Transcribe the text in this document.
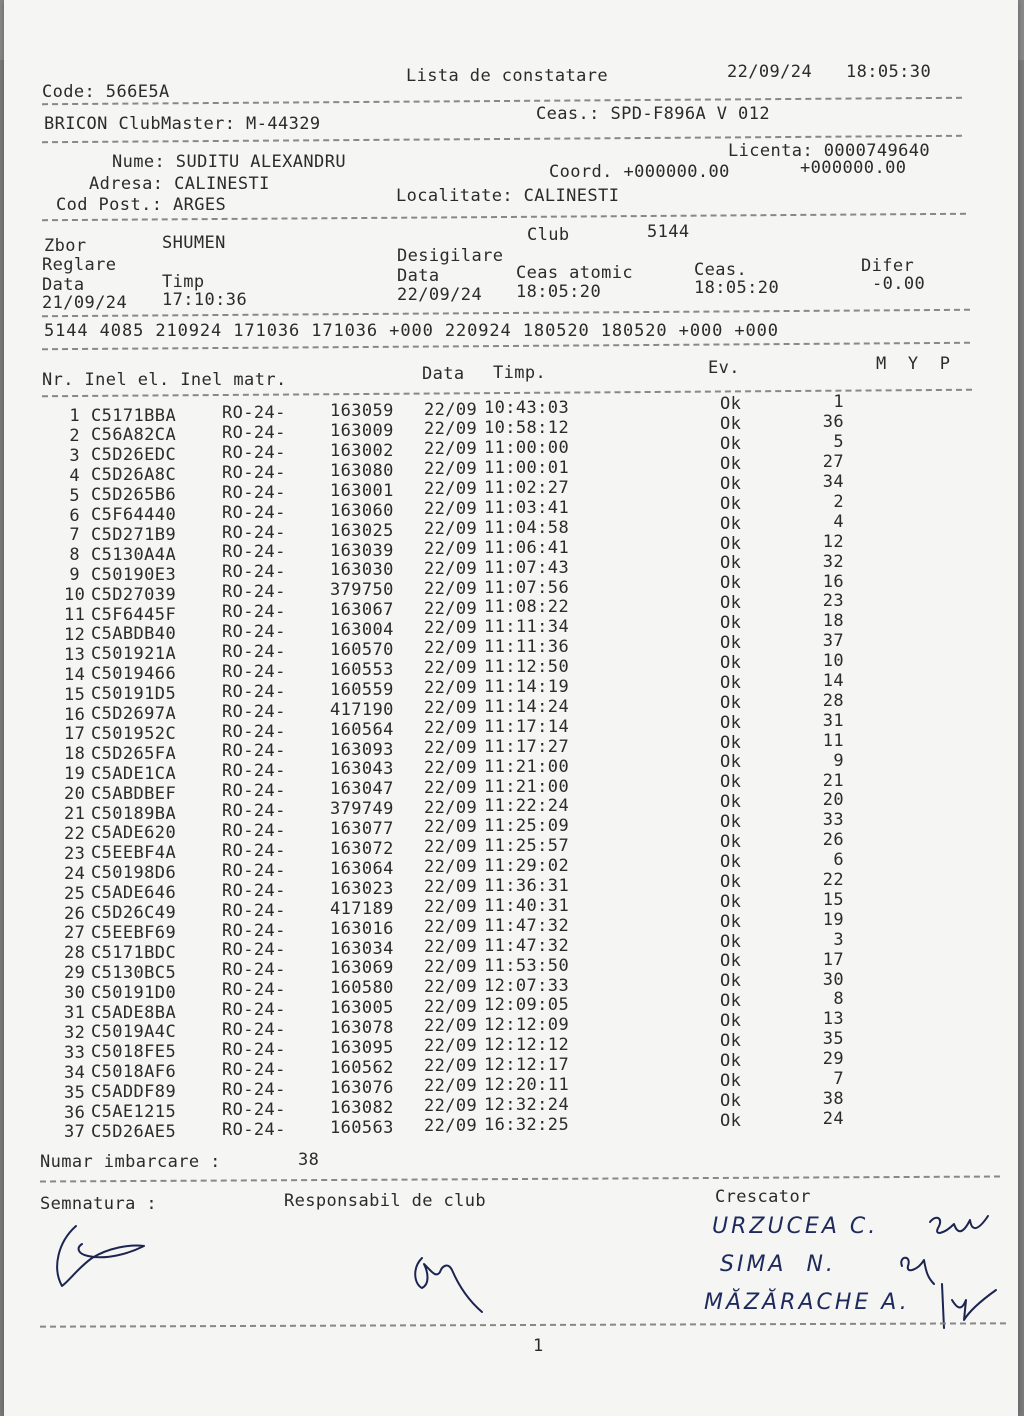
Code: 566E5A
Lista de constatare	22/09/24 18:05:30
BRICON ClubMaster: M-44329	Ceas.: SPD-F896A V 012
Nume: SUDITU ALEXANDRU
Licenta: 0000749640
Adresa: CALINESTI
Coord. +000000.00	+000000.00
Cod Post.: ARGES	Localitate: CALINESTI
Zbor	SHUMEN	Club	5144
Reglare	Desigilare
Data	Timp	Data	Ceas atomic	Ceas.	Difer
21/09/24 17:10:36	22/09/24 18:05:20	18:05:20	-0.00
5144 4085 210924 171036 171036 +000 220924 180520 180520 +000 +000
Nr. Inel el. Inel matr.	Data Timp.	Ev.	M  Y  P
1 C5171BBA	RO-24-	163059 22/09 10:43:03	Ok	1
2 C56A82CA	RO-24-	163009 22/09 10:58:12	Ok	36
3 C5D26EDC	RO-24-	163002 22/09 11:00:00	Ok	5
4 C5D26A8C	RO-24-	163080 22/09 11:00:01	Ok	27
5 C5D265B6	RO-24-	163001 22/09 11:02:27	Ok	34
6 C5F64440	RO-24-	163060 22/09 11:03:41	Ok	2
7 C5D271B9	RO-24-	163025 22/09 11:04:58	Ok	4
8 C5130A4A	RO-24-	163039 22/09 11:06:41	Ok	12
9 C50190E3	RO-24-	163030 22/09 11:07:43	Ok	32
10 C5D27039	RO-24-	379750 22/09 11:07:56	Ok	16
11 C5F6445F	RO-24-	163067 22/09 11:08:22	Ok	23
12 C5ABDB40	RO-24-	163004 22/09 11:11:34	Ok	18
13 C501921A	RO-24-	160570 22/09 11:11:36	Ok	37
14 C5019466	RO-24-	160553 22/09 11:12:50	Ok	10
15 C50191D5	RO-24-	160559 22/09 11:14:19	Ok	14
16 C5D2697A	RO-24-	417190 22/09 11:14:24	Ok	28
17 C501952C	RO-24-	160564 22/09 11:17:14	Ok	31
18 C5D265FA	RO-24-	163093 22/09 11:17:27	Ok	11
19 C5ADE1CA	RO-24-	163043 22/09 11:21:00	Ok	9
20 C5ABDBEF	RO-24-	163047 22/09 11:21:00	Ok	21
21 C50189BA	RO-24-	379749 22/09 11:22:24	Ok	20
22 C5ADE620	RO-24-	163077 22/09 11:25:09	Ok	33
23 C5EEBF4A	RO-24-	163072 22/09 11:25:57	Ok	26
24 C50198D6	RO-24-	163064 22/09 11:29:02	Ok	6
25 C5ADE646	RO-24-	163023 22/09 11:36:31	Ok	22
26 C5D26C49	RO-24-	417189 22/09 11:40:31	Ok	15
27 C5EEBF69	RO-24-	163016 22/09 11:47:32	Ok	19
28 C5171BDC	RO-24-	163034 22/09 11:47:32	Ok	3
29 C5130BC5	RO-24-	163069 22/09 11:53:50	Ok	17
30 C50191D0	RO-24-	160580 22/09 12:07:33	Ok	30
31 C5ADE8BA	RO-24-	163005 22/09 12:09:05	Ok	8
32 C5019A4C	RO-24-	163078 22/09 12:12:09	Ok	13
33 C5018FE5	RO-24-	163095 22/09 12:12:12	Ok	35
34 C5018AF6	RO-24-	160562 22/09 12:12:17	Ok	29
35 C5ADDF89	RO-24-	163076 22/09 12:20:11	Ok	7
36 C5AE1215	RO-24-	163082 22/09 12:32:24	Ok	38
37 C5D26AE5	RO-24-	160563 22/09 16:32:25	Ok	24
Numar imbarcare :	38
Semnatura :	Responsabil de club	Crescator
URZUCEA C.
SIMA  N.
MĂZĂRACHE A.
1
